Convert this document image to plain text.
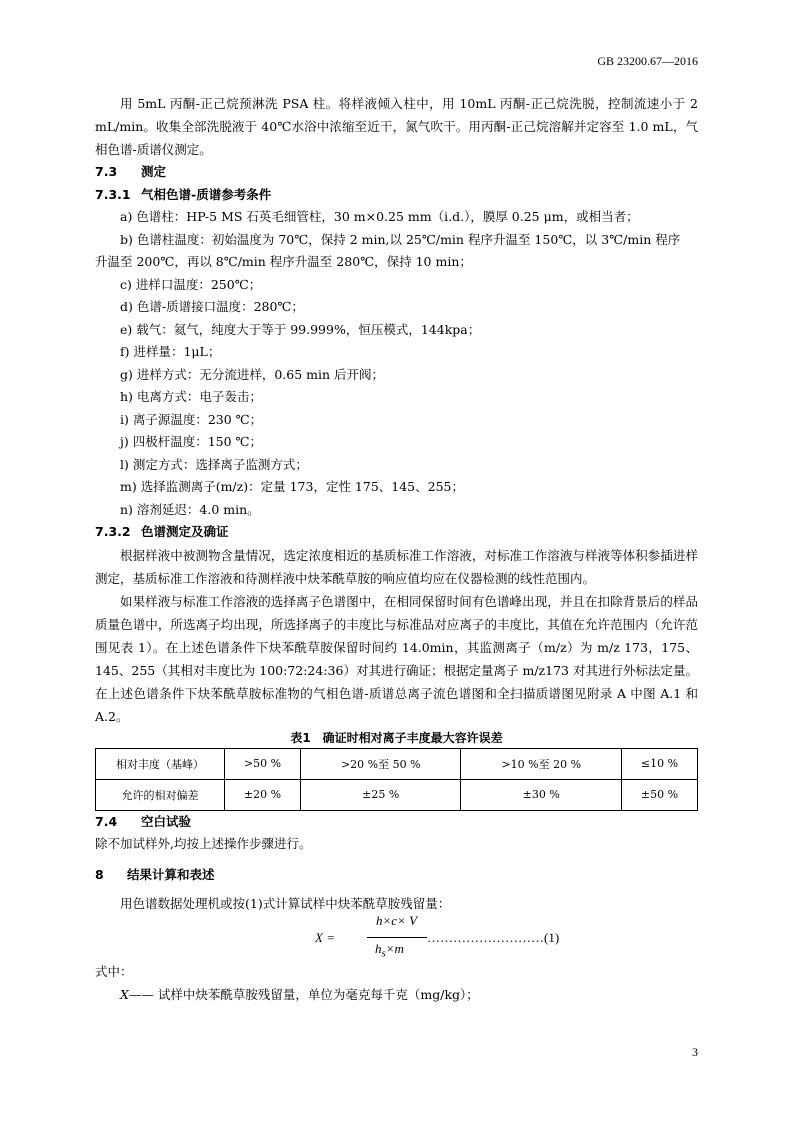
GB 23200.67—2016

用 5mL 丙酮-正己烷预淋洗 PSA 柱。将样液倾入柱中，用 10mL 丙酮-正己烷洗脱，控制流速小于 2 mL/min。收集全部洗脱液于 40℃水浴中浓缩至近干，氮气吹干。用丙酮-正己烷溶解并定容至 1.0 mL，气相色谱-质谱仪测定。

7.3 测定

7.3.1 气相色谱-质谱参考条件

a) 色谱柱：HP-5 MS 石英毛细管柱，30 m×0.25 mm（i.d.），膜厚 0.25 μm，或相当者；

b) 色谱柱温度：初始温度为 70℃，保持 2 min,以 25℃/min 程序升温至 150℃，以 3℃/min 程序

升温至 200℃，再以 8℃/min 程序升温至 280℃，保持 10 min；

c) 进样口温度：250℃；

d) 色谱-质谱接口温度：280℃；

e) 载气：氦气，纯度大于等于 99.999%，恒压模式，144kpa；

f) 进样量：1μL；

g) 进样方式：无分流进样，0.65 min 后开阀；

h) 电离方式：电子轰击；

i) 离子源温度：230 ℃；

j) 四极杆温度：150 ℃；

l) 测定方式：选择离子监测方式；

m) 选择监测离子(m/z)：定量 173，定性 175、145、255；

n) 溶剂延迟：4.0 min。

7.3.2 色谱测定及确证

根据样液中被测物含量情况，选定浓度相近的基质标准工作溶液，对标准工作溶液与样液等体积参插进样测定，基质标准工作溶液和待测样液中炔苯酰草胺的响应值均应在仪器检测的线性范围内。

如果样液与标准工作溶液的选择离子色谱图中，在相同保留时间有色谱峰出现，并且在扣除背景后的样品质量色谱中，所选离子均出现，所选择离子的丰度比与标准品对应离子的丰度比，其值在允许范围内（允许范围见表 1）。在上述色谱条件下炔苯酰草胺保留时间约 14.0min，其监测离子（m/z）为 m/z 173，175、145、255（其相对丰度比为 100:72:24:36）对其进行确证；根据定量离子 m/z173 对其进行外标法定量。在上述色谱条件下炔苯酰草胺标准物的气相色谱-质谱总离子流色谱图和全扫描质谱图见附录 A 中图 A.1 和 A.2。

表1　确证时相对离子丰度最大容许误差

相对丰度（基峰）	>50 %	>20 %至 50 %	>10 %至 20 %	≤10 %
允许的相对偏差	±20 %	±25 %	±30 %	±50 %

7.4 空白试验

除不加试样外,均按上述操作步骤进行。

8 结果计算和表述

用色谱数据处理机或按(1)式计算试样中炔苯酰草胺残留量：

X =
h×c× V
$h_s\times m$
………………………(1)

式中：

X—— 试样中炔苯酰草胺残留量，单位为毫克每千克（mg/kg）；

3
